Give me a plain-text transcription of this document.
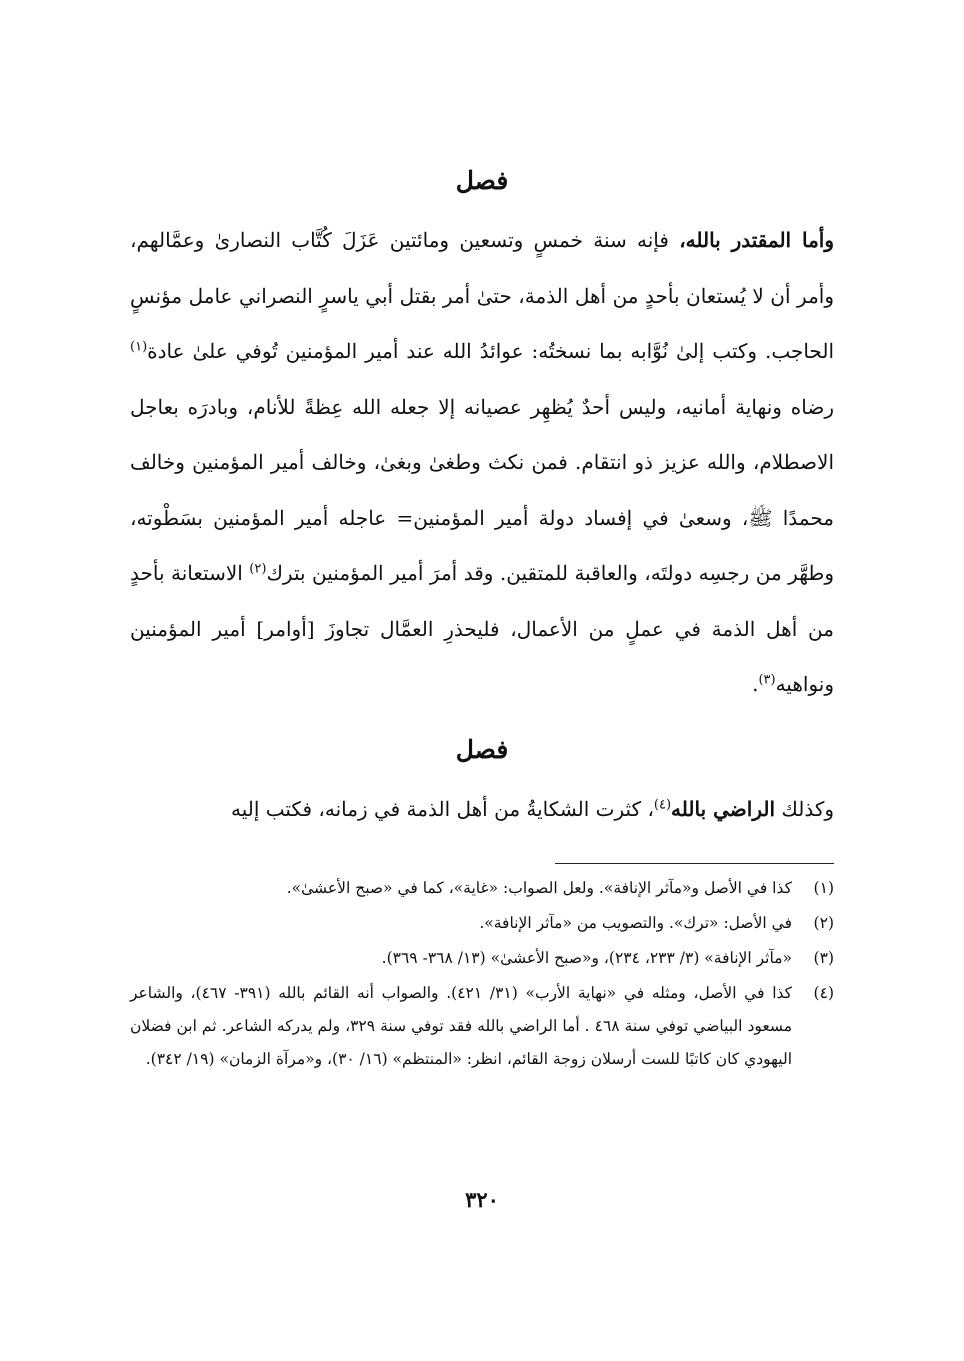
فصل

وأما المقتدر بالله، فإنه سنة خمسٍ وتسعين ومائتين عَزَلَ كُتَّاب النصارىٰ وعمَّالهم، وأمر أن لا يُستعان بأحدٍ من أهل الذمة، حتىٰ أمر بقتل أبي ياسرٍ النصراني عامل مؤنسٍ الحاجب. وكتب إلىٰ نُوَّابه بما نسختُه: عوائدُ الله عند أمير المؤمنين تُوفي علىٰ عادة$^{(١)}$ رضاه ونهاية أمانيه، وليس أحدٌ يُظهِر عصيانه إلا جعله الله عِظةً للأنام، وبادرَه بعاجل الاصطلام، والله عزيز ذو انتقام. فمن نكث وطغىٰ وبغىٰ، وخالف أمير المؤمنين وخالف محمدًا ﷺ، وسعىٰ في إفساد دولة أمير المؤمنين= عاجله أمير المؤمنين بسَطْوته، وطهَّر من رجسِه دولتَه، والعاقبة للمتقين. وقد أمرَ أمير المؤمنين بترك$^{(٢)}$ الاستعانة بأحدٍ من أهل الذمة في عملٍ من الأعمال، فليحذرِ العمَّال تجاوزَ [أوامر] أمير المؤمنين ونواهيه$^{(٣)}$.

فصل

وكذلك الراضي بالله$^{(٤)}$، كثرت الشكايةُ من أهل الذمة في زمانه، فكتب إليه

(١)
كذا في الأصل و«مآثر الإنافة». ولعل الصواب: «غاية»، كما في «صبح الأعشىٰ».
(٢)
في الأصل: «ترك». والتصويب من «مآثر الإنافة».
(٣)
«مآثر الإنافة» (٣/ ٢٣٣، ٢٣٤)، و«صبح الأعشىٰ» (١٣/ ٣٦٨- ٣٦٩).
(٤)
كذا في الأصل، ومثله في «نهاية الأرب» (٣١/ ٤٢١). والصواب أنه القائم بالله (٣٩١- ٤٦٧)، والشاعر مسعود البياضي توفي سنة ٤٦٨ . أما الراضي بالله فقد توفي سنة ٣٢٩، ولم يدركه الشاعر. ثم ابن فضلان اليهودي كان كاتبًا للست أرسلان زوجة القائم، انظر: «المنتظم» (١٦/ ٣٠)، و«مرآة الزمان» (١٩/ ٣٤٢).
٣٢٠
